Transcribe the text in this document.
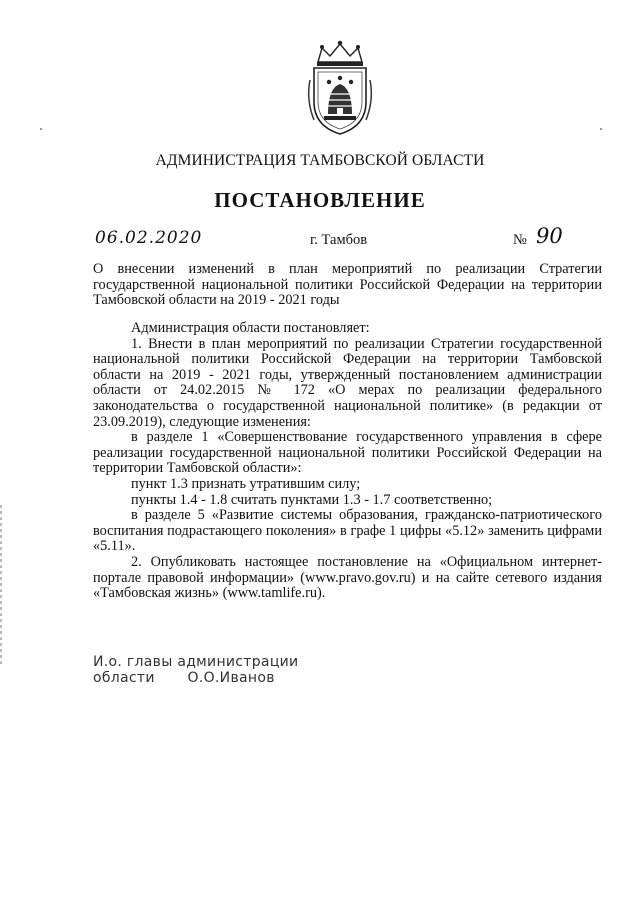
АДМИНИСТРАЦИЯ ТАМБОВСКОЙ ОБЛАСТИ
ПОСТАНОВЛЕНИЕ
06.02.2020	г. Тамбов	№ 90
О внесении изменений в план мероприятий по реализации Стратегии государственной национальной политики Российской Федерации на территории Тамбовской области на 2019 - 2021 годы

Администрация области постановляет:

1. Внести в план мероприятий по реализации Стратегии государственной национальной политики Российской Федерации на территории Тамбовской области на 2019 - 2021 годы, утвержденный постановлением администрации области от 24.02.2015 № 172 «О мерах по реализации федерального законодательства о государственной национальной политике» (в редакции от 23.09.2019), следующие изменения:

в разделе 1 «Совершенствование государственного управления в сфере реализации государственной национальной политики Российской Федерации на территории Тамбовской области»:

пункт 1.3 признать утратившим силу;

пункты 1.4 - 1.8 считать пунктами 1.3 - 1.7 соответственно;

в разделе 5 «Развитие системы образования, гражданско-патриотического воспитания подрастающего поколения» в графе 1 цифры «5.12» заменить цифрами «5.11».

2. Опубликовать настоящее постановление на «Официальном интернет-портале правовой информации» (www.pravo.gov.ru) и на сайте сетевого издания «Тамбовская жизнь» (www.tamlife.ru).

И.о. главы администрации
области О.О.Иванов
